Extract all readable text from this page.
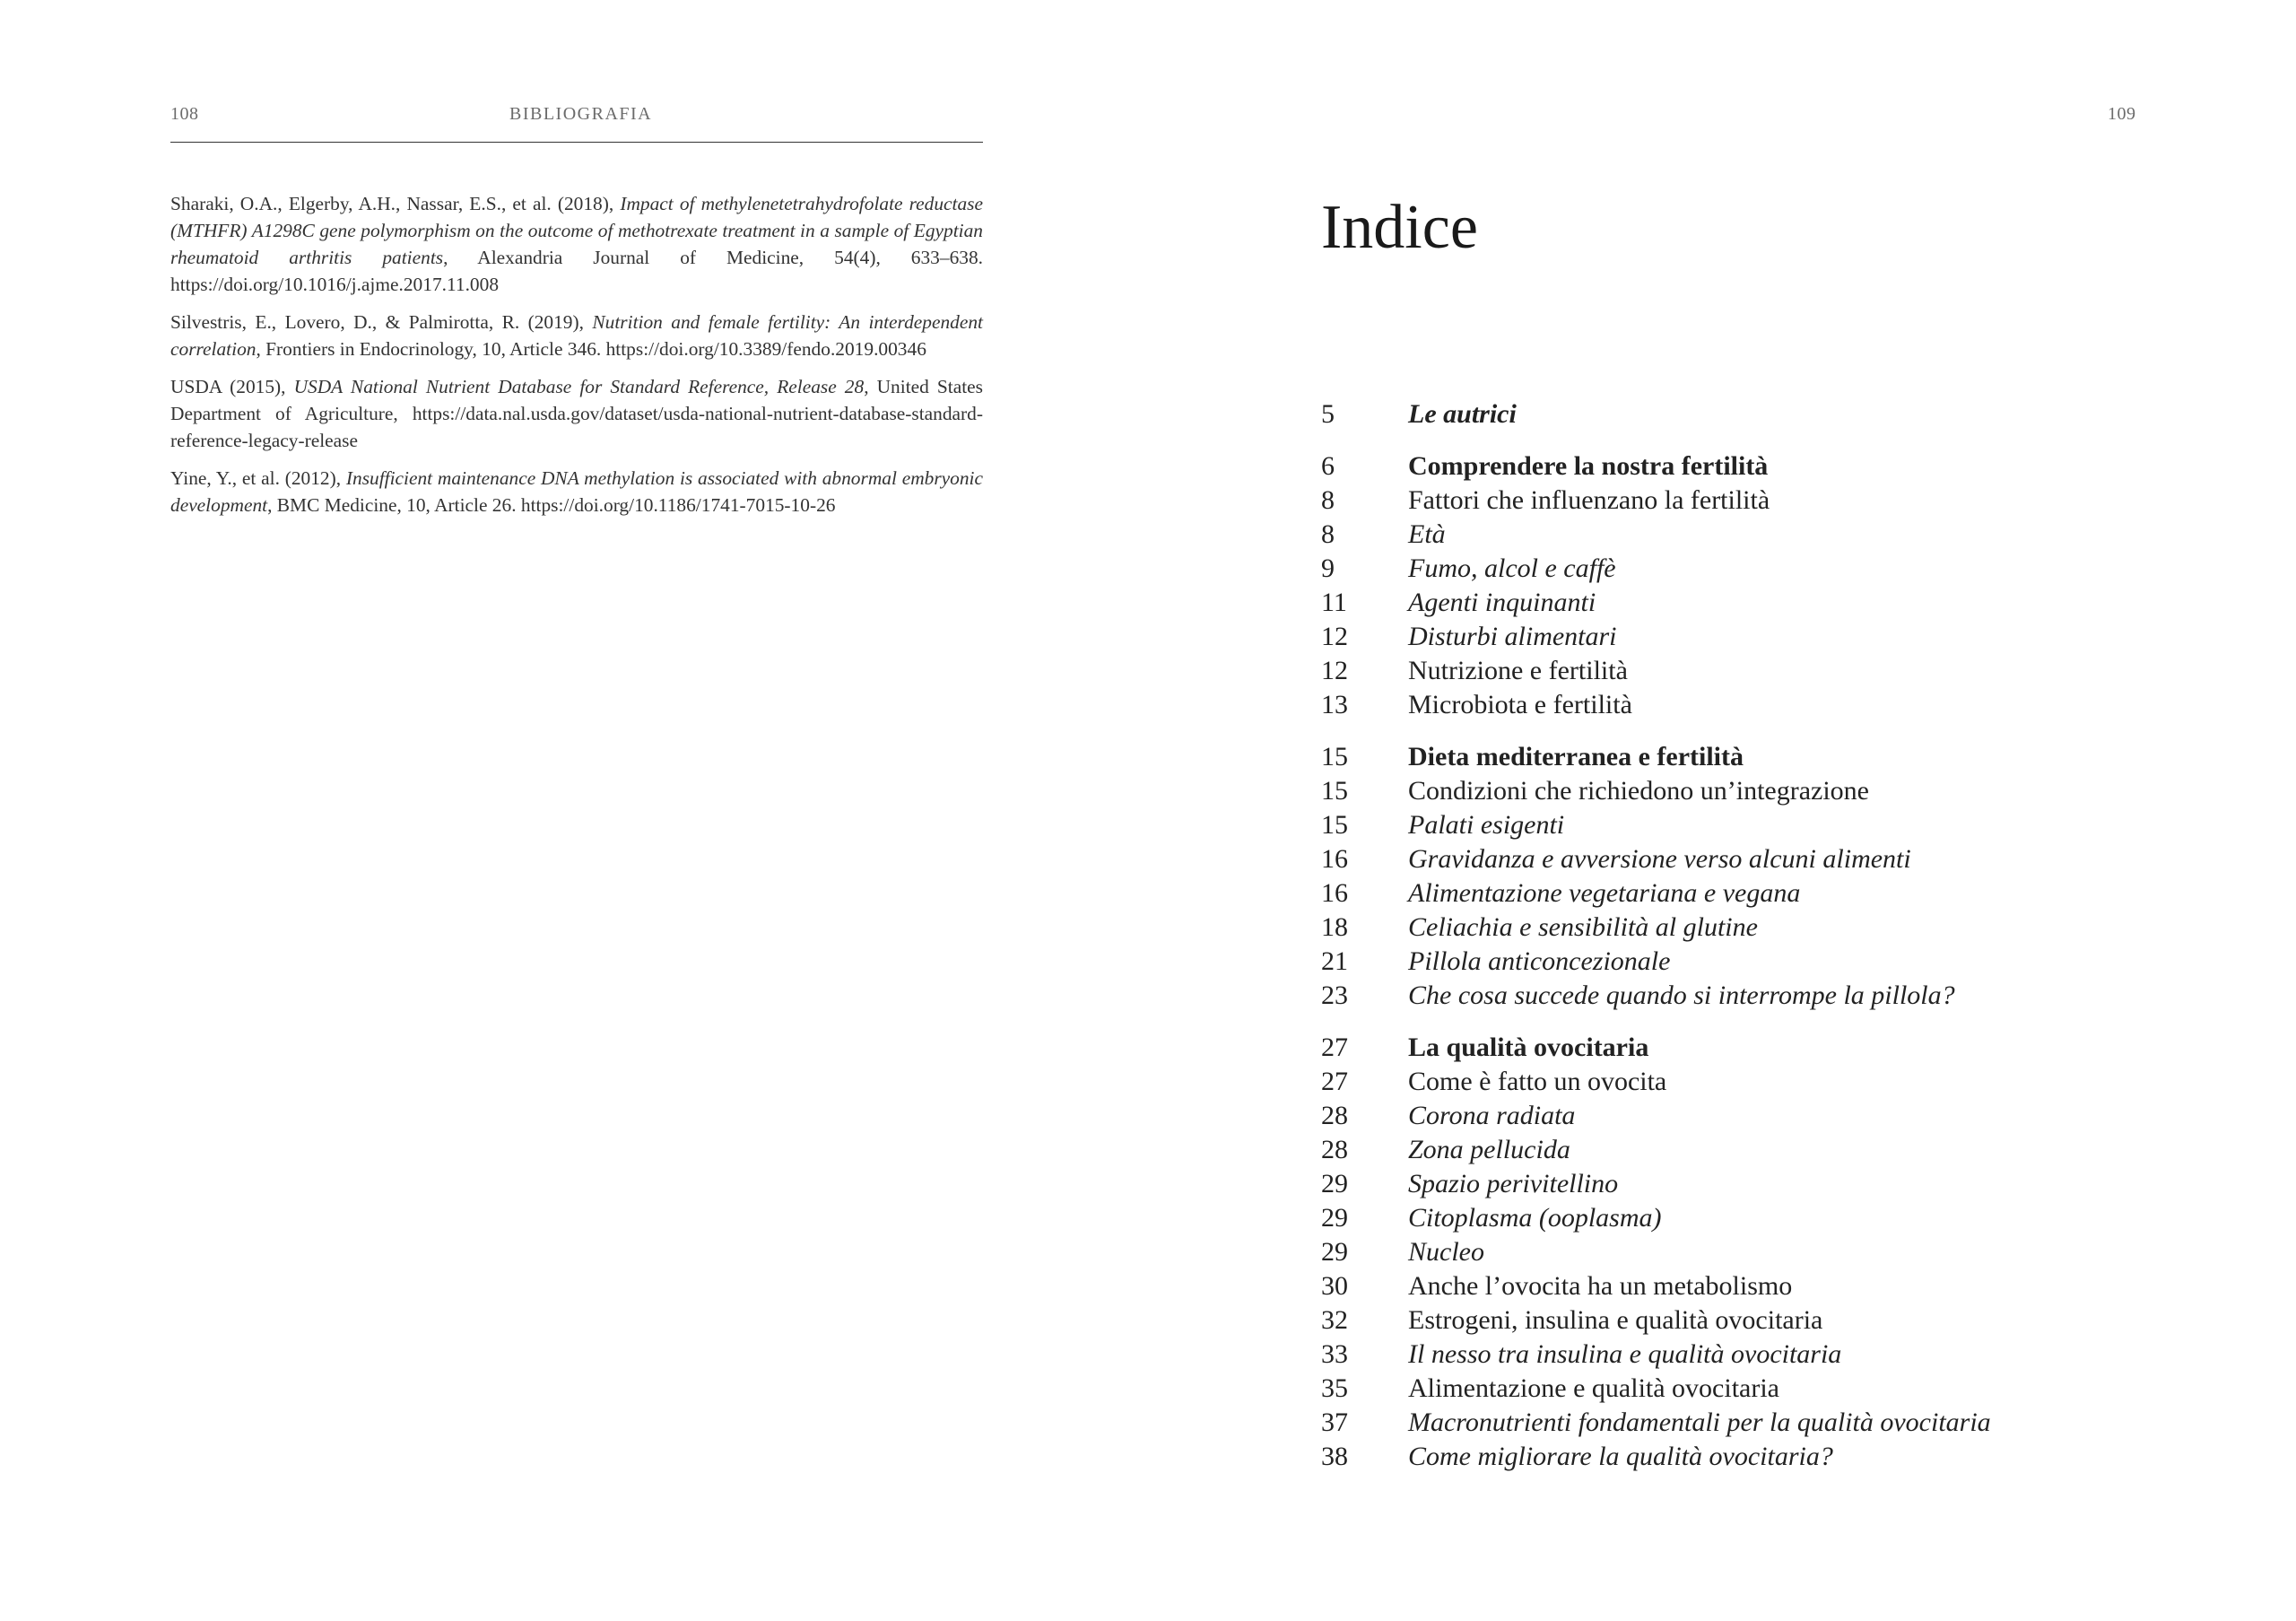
108	BIBLIOGRAFIA

Sharaki, O.A., Elgerby, A.H., Nassar, E.S., et al. (2018), Impact of methylenetetrahydrofolate reductase (MTHFR) A1298C gene polymorphism on the outcome of methotrexate treatment in a sample of Egyptian rheumatoid arthritis patients, Alexandria Journal of Medicine, 54(4), 633–638. https://doi.org/10.1016/j.ajme.2017.11.008

Silvestris, E., Lovero, D., & Palmirotta, R. (2019), Nutrition and female fertility: An interdependent correlation, Frontiers in Endocrinology, 10, Article 346. https://doi.org/10.3389/fendo.2019.00346

USDA (2015), USDA National Nutrient Database for Standard Reference, Release 28, United States Department of Agriculture, https://data.nal.usda.gov/dataset/usda-national-nutrient-database-standard-reference-legacy-release

Yine, Y., et al. (2012), Insufficient maintenance DNA methylation is associated with abnormal embryonic development, BMC Medicine, 10, Article 26. https://doi.org/10.1186/1741-7015-10-26

109
Indice
5	Le autrici
6	Comprendere la nostra fertilità
8	Fattori che influenzano la fertilità
8	Età
9	Fumo, alcol e caffè
11	Agenti inquinanti
12	Disturbi alimentari
12	Nutrizione e fertilità
13	Microbiota e fertilità
15	Dieta mediterranea e fertilità
15	Condizioni che richiedono un’integrazione
15	Palati esigenti
16	Gravidanza e avversione verso alcuni alimenti
16	Alimentazione vegetariana e vegana
18	Celiachia e sensibilità al glutine
21	Pillola anticoncezionale
23	Che cosa succede quando si interrompe la pillola?
27	La qualità ovocitaria
27	Come è fatto un ovocita
28	Corona radiata
28	Zona pellucida
29	Spazio perivitellino
29	Citoplasma (ooplasma)
29	Nucleo
30	Anche l’ovocita ha un metabolismo
32	Estrogeni, insulina e qualità ovocitaria
33	Il nesso tra insulina e qualità ovocitaria
35	Alimentazione e qualità ovocitaria
37	Macronutrienti fondamentali per la qualità ovocitaria
38	Come migliorare la qualità ovocitaria?
